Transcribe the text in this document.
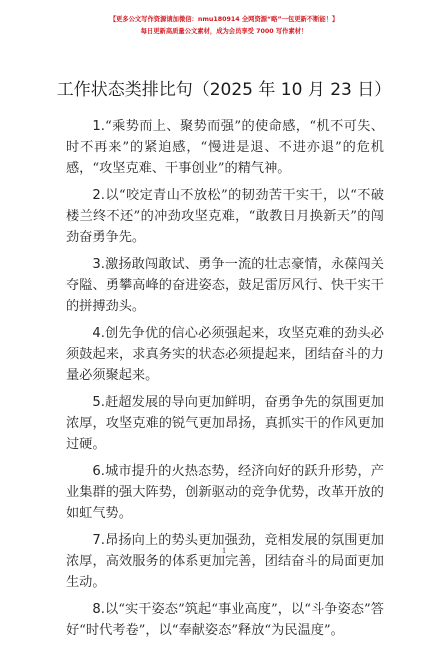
【更多公文写作资源请加微信：nmu180914 全网资源“略”一包更新不断能！】
每日更新高质量公文素材，成为会员享受 7000 写作素材！
工作状态类排比句（2025 年 10 月 23 日）

1.“乘势而上、聚势而强”的使命感，“机不可失、时不再来”的紧迫感，“慢进是退、不进亦退”的危机感，“攻坚克难、干事创业”的精气神。

2.以“咬定青山不放松”的韧劲苦干实干，以“不破楼兰终不还”的冲劲攻坚克难，“敢教日月换新天”的闯劲奋勇争先。

3.激扬敢闯敢试、勇争一流的壮志豪情，永葆闯关夺隘、勇攀高峰的奋进姿态，鼓足雷厉风行、快干实干的拼搏劲头。

4.创先争优的信心必须强起来，攻坚克难的劲头必须鼓起来，求真务实的状态必须提起来，团结奋斗的力量必须聚起来。

5.赶超发展的导向更加鲜明，奋勇争先的氛围更加浓厚，攻坚克难的锐气更加昂扬，真抓实干的作风更加过硬。

6.城市提升的火热态势，经济向好的跃升形势，产业集群的强大阵势，创新驱动的竞争优势，改革开放的如虹气势。

7.昂扬向上的势头更加强劲，竞相发展的氛围更加浓厚，高效服务的体系更加完善，团结奋斗的局面更加生动。

8.以“实干姿态”筑起“事业高度”，以“斗争姿态”答好“时代考卷”，以“奉献姿态”释放“为民温度”。

1
